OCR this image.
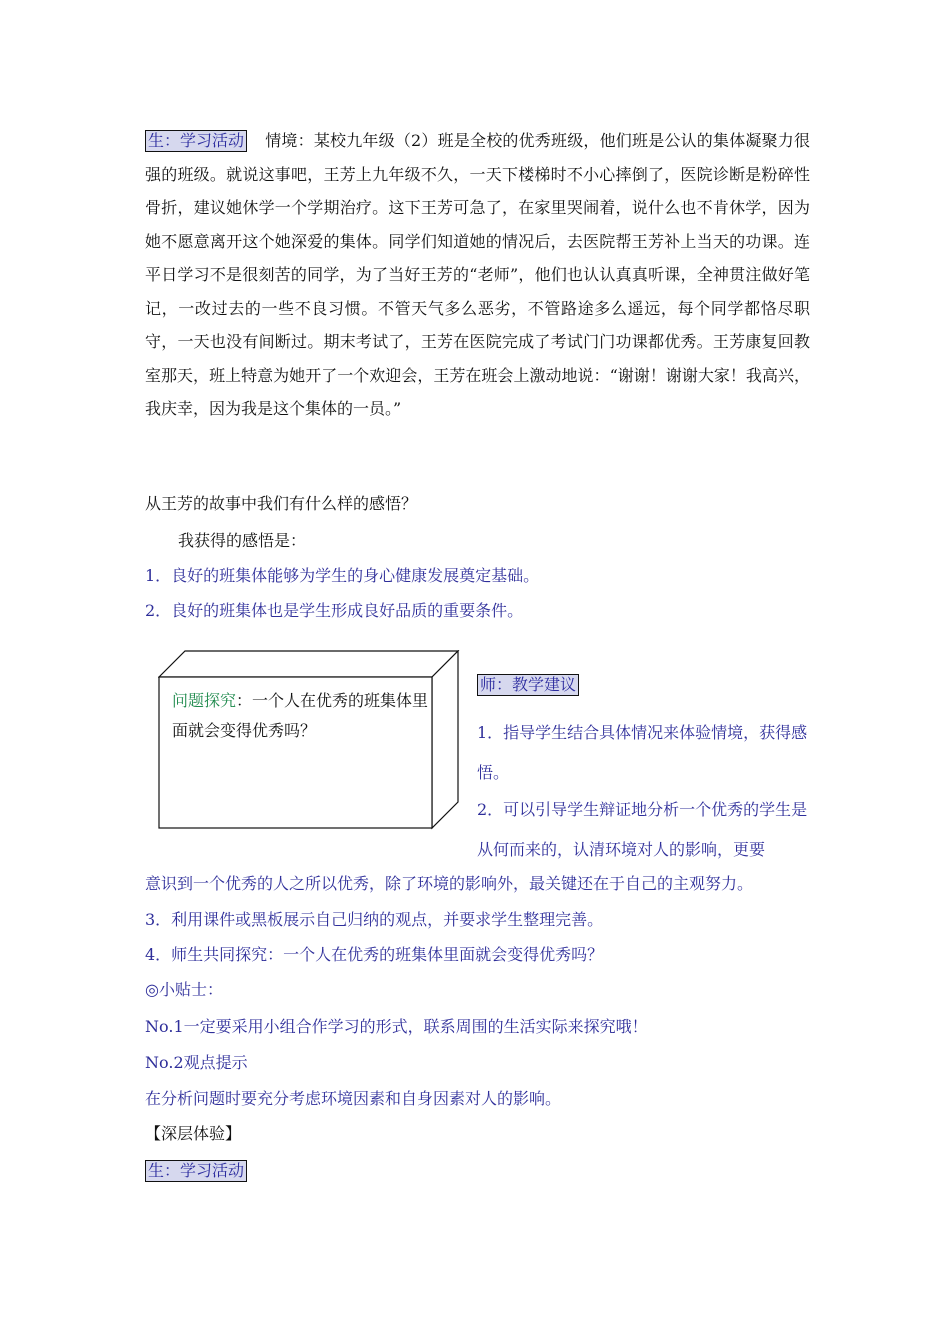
生：学习活动 情境：某校九年级（2）班是全校的优秀班级，他们班是公认的集体凝聚力很强的班级。就说这事吧，王芳上九年级不久，一天下楼梯时不小心摔倒了，医院诊断是粉碎性骨折，建议她休学一个学期治疗。这下王芳可急了，在家里哭闹着，说什么也不肯休学，因为她不愿意离开这个她深爱的集体。同学们知道她的情况后，去医院帮王芳补上当天的功课。连平日学习不是很刻苦的同学，为了当好王芳的“老师”，他们也认认真真听课，全神贯注做好笔记，一改过去的一些不良习惯。不管天气多么恶劣，不管路途多么遥远，每个同学都恪尽职守，一天也没有间断过。期末考试了，王芳在医院完成了考试门门功课都优秀。王芳康复回教室那天，班上特意为她开了一个欢迎会，王芳在班会上激动地说：“谢谢！谢谢大家！我高兴，我庆幸，因为我是这个集体的一员。”
从王芳的故事中我们有什么样的感悟？
我获得的感悟是：
1．良好的班集体能够为学生的身心健康发展奠定基础。
2．良好的班集体也是学生形成良好品质的重要条件。
问题探究：一个人在优秀的班集体里面就会变得优秀吗？
师：教学建议
1．指导学生结合具体情况来体验情境，获得感悟。
2．可以引导学生辩证地分析一个优秀的学生是从何而来的，认清环境对人的影响，更要
意识到一个优秀的人之所以优秀，除了环境的影响外，最关键还在于自己的主观努力。
3．利用课件或黑板展示自己归纳的观点，并要求学生整理完善。
4．师生共同探究：一个人在优秀的班集体里面就会变得优秀吗？
◎小贴士：
No.1一定要采用小组合作学习的形式，联系周围的生活实际来探究哦！
No.2观点提示
在分析问题时要充分考虑环境因素和自身因素对人的影响。
【深层体验】
生：学习活动
